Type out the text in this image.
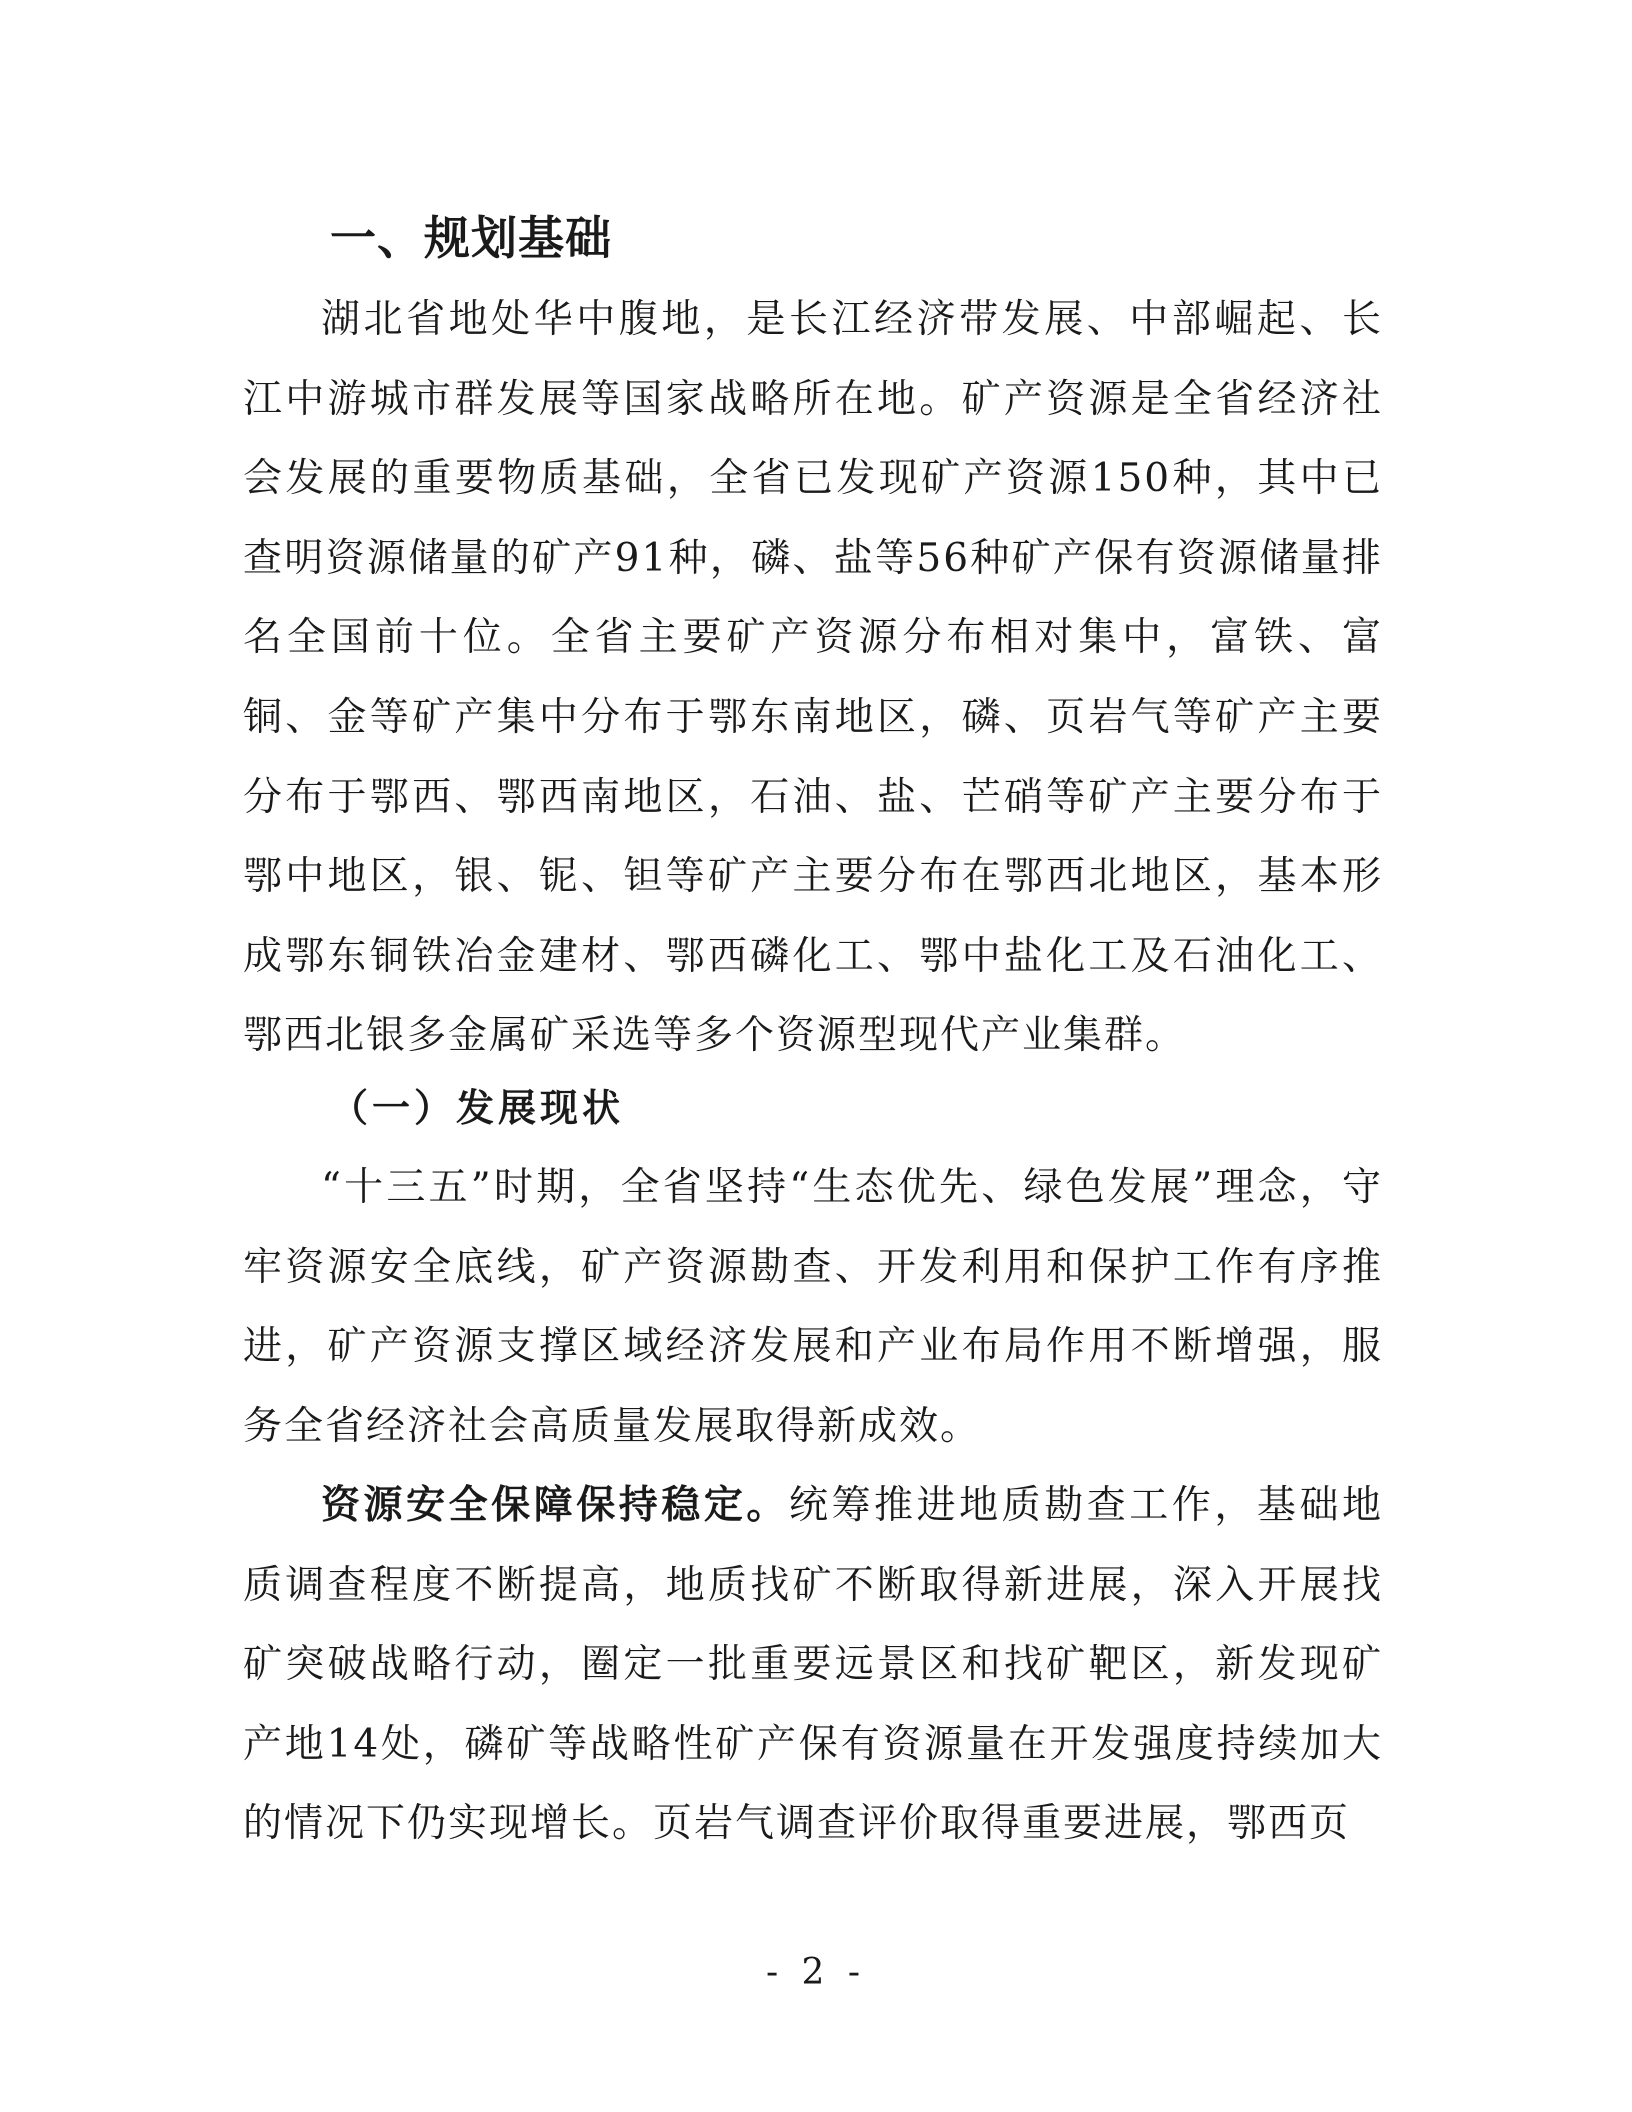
一、规划基础

湖北省地处华中腹地，是长江经济带发展、中部崛起、长江中游城市群发展等国家战略所在地。矿产资源是全省经济社会发展的重要物质基础，全省已发现矿产资源150种，其中已查明资源储量的矿产91种，磷、盐等56种矿产保有资源储量排名全国前十位。全省主要矿产资源分布相对集中，富铁、富铜、金等矿产集中分布于鄂东南地区，磷、页岩气等矿产主要分布于鄂西、鄂西南地区，石油、盐、芒硝等矿产主要分布于鄂中地区，银、铌、钽等矿产主要分布在鄂西北地区，基本形成鄂东铜铁冶金建材、鄂西磷化工、鄂中盐化工及石油化工、鄂西北银多金属矿采选等多个资源型现代产业集群。

（一）发展现状

“十三五”时期，全省坚持“生态优先、绿色发展”理念，守牢资源安全底线，矿产资源勘查、开发利用和保护工作有序推进，矿产资源支撑区域经济发展和产业布局作用不断增强，服务全省经济社会高质量发展取得新成效。

资源安全保障保持稳定。统筹推进地质勘查工作，基础地质调查程度不断提高，地质找矿不断取得新进展，深入开展找矿突破战略行动，圈定一批重要远景区和找矿靶区，新发现矿产地14处，磷矿等战略性矿产保有资源量在开发强度持续加大的情况下仍实现增长。页岩气调查评价取得重要进展，鄂西页

- 2 -
